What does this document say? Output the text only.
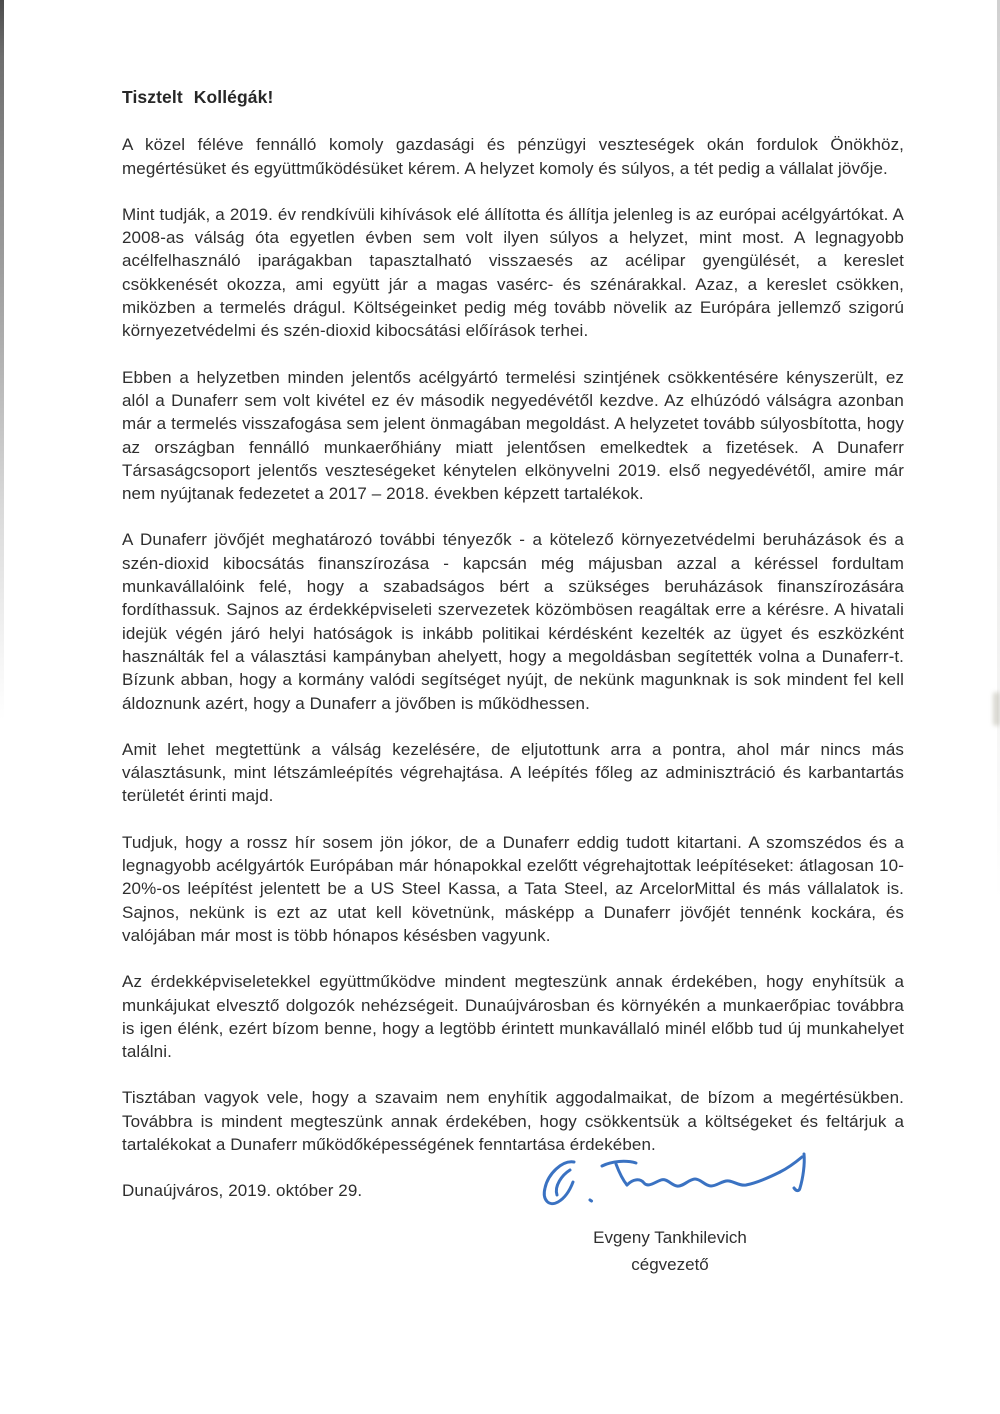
Tisztelt Kollégák!

A közel féléve fennálló komoly gazdasági és pénzügyi veszteségek okán fordulok Önökhöz, megértésüket és együttműködésüket kérem. A helyzet komoly és súlyos, a tét pedig a vállalat jövője.

Mint tudják, a 2019. év rendkívüli kihívások elé állította és állítja jelenleg is az európai acélgyártókat. A 2008-as válság óta egyetlen évben sem volt ilyen súlyos a helyzet, mint most. A legnagyobb acélfelhasználó iparágakban tapasztalható visszaesés az acélipar gyengülését, a kereslet csökkenését okozza, ami együtt jár a magas vasérc- és szénárakkal. Azaz, a kereslet csökken, miközben a termelés drágul. Költségeinket pedig még tovább növelik az Európára jellemző szigorú környezetvédelmi és szén-dioxid kibocsátási előírások terhei.

Ebben a helyzetben minden jelentős acélgyártó termelési szintjének csökkentésére kényszerült, ez alól a Dunaferr sem volt kivétel ez év második negyedévétől kezdve. Az elhúzódó válságra azonban már a termelés visszafogása sem jelent önmagában megoldást. A helyzetet tovább súlyosbította, hogy az országban fennálló munkaerőhiány miatt jelentősen emelkedtek a fizetések. A Dunaferr Társaságcsoport jelentős veszteségeket kénytelen elkönyvelni 2019. első negyedévétől, amire már nem nyújtanak fedezetet a 2017 – 2018. években képzett tartalékok.

A Dunaferr jövőjét meghatározó további tényezők - a kötelező környezetvédelmi beruházások és a szén-dioxid kibocsátás finanszírozása - kapcsán még májusban azzal a kéréssel fordultam munkavállalóink felé, hogy a szabadságos bért a szükséges beruházások finanszírozására fordíthassuk. Sajnos az érdekképviseleti szervezetek közömbösen reagáltak erre a kérésre. A hivatali idejük végén járó helyi hatóságok is inkább politikai kérdésként kezelték az ügyet és eszközként használták fel a választási kampányban ahelyett, hogy a megoldásban segítették volna a Dunaferr-t. Bízunk abban, hogy a kormány valódi segítséget nyújt, de nekünk magunknak is sok mindent fel kell áldoznunk azért, hogy a Dunaferr a jövőben is működhessen.

Amit lehet megtettünk a válság kezelésére, de eljutottunk arra a pontra, ahol már nincs más választásunk, mint létszámleépítés végrehajtása. A leépítés főleg az adminisztráció és karbantartás területét érinti majd.

Tudjuk, hogy a rossz hír sosem jön jókor, de a Dunaferr eddig tudott kitartani. A szomszédos és a legnagyobb acélgyártók Európában már hónapokkal ezelőtt végrehajtottak leépítéseket: átlagosan 10-20%-os leépítést jelentett be a US Steel Kassa, a Tata Steel, az ArcelorMittal és más vállalatok is. Sajnos, nekünk is ezt az utat kell követnünk, másképp a Dunaferr jövőjét tennénk kockára, és valójában már most is több hónapos késésben vagyunk.

Az érdekképviseletekkel együttműködve mindent megteszünk annak érdekében, hogy enyhítsük a munkájukat elvesztő dolgozók nehézségeit. Dunaújvárosban és környékén a munkaerőpiac továbbra is igen élénk, ezért bízom benne, hogy a legtöbb érintett munkavállaló minél előbb tud új munkahelyet találni.

Tisztában vagyok vele, hogy a szavaim nem enyhítik aggodalmaikat, de bízom a megértésükben. Továbbra is mindent megteszünk annak érdekében, hogy csökkentsük a költségeket és feltárjuk a tartalékokat a Dunaferr működőképességének fenntartása érdekében.

Dunaújváros, 2019. október 29.

Evgeny Tankhilevich
cégvezető
